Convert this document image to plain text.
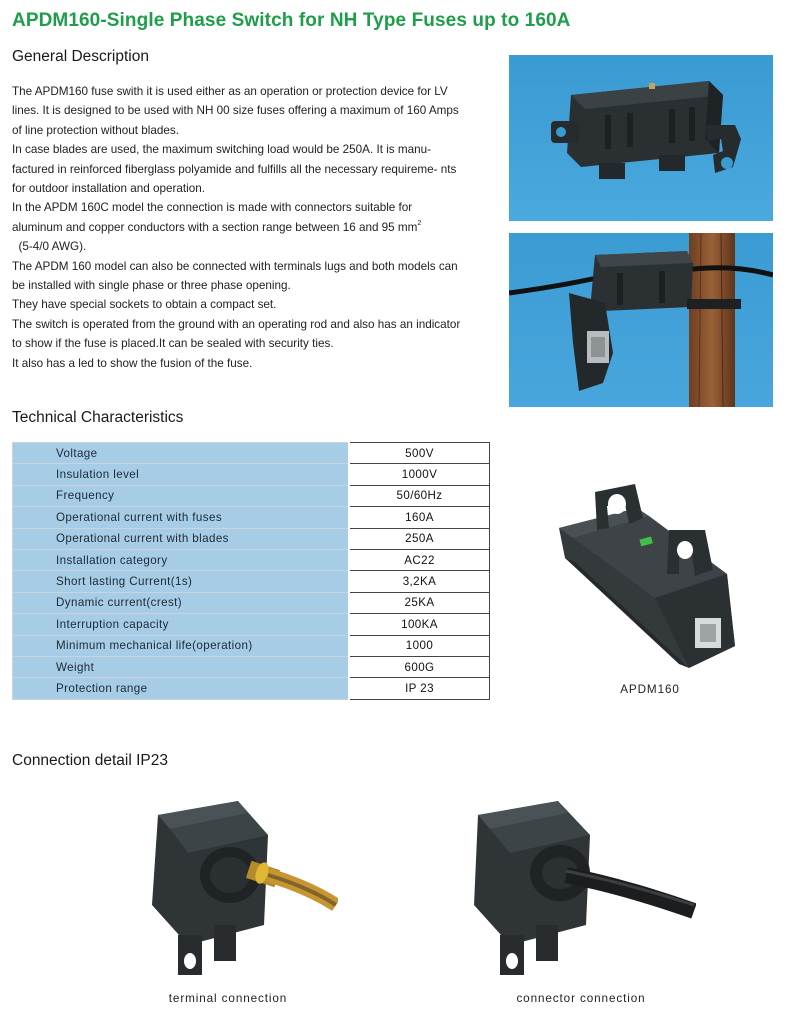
APDM160-Single Phase Switch for NH Type Fuses up to 160A
General Description

The APDM160 fuse swith it is used either as an operation or protection device for LV lines. It is designed to be used with NH 00 size fuses offering a maximum of 160 Amps of line protection without blades.

In case blades are used, the maximum switching load would be 250A. It is manu- factured in reinforced fiberglass polyamide and fulfills all the necessary requireme- nts for outdoor installation and operation.

In the APDM 160C model the connection is made with connectors suitable for aluminum and copper conductors with a section range between 16 and 95 $mm^2$
(5-4/0 AWG).

The APDM 160 model can also be connected with terminals lugs and both models can be installed with single phase or three phase opening.

They have special sockets to obtain a compact set.

The switch is operated from the ground with an operating rod and also has an indicator to show if the fuse is placed.It can be sealed with security ties.

It also has a led to show the fusion of the fuse.

Technical Characteristics
Voltage	500V
Insulation level	1000V
Frequency	50/60Hz
Operational current with fuses	160A
Operational current with blades	250A
Installation category	AC22
Short lasting Current(1s)	3,2KA
Dynamic current(crest)	25KA
Interruption capacity	100KA
Minimum mechanical life(operation)	1000
Weight	600G
Protection range	IP 23	APDM160
Connection detail IP23
terminal connection	connector connection
